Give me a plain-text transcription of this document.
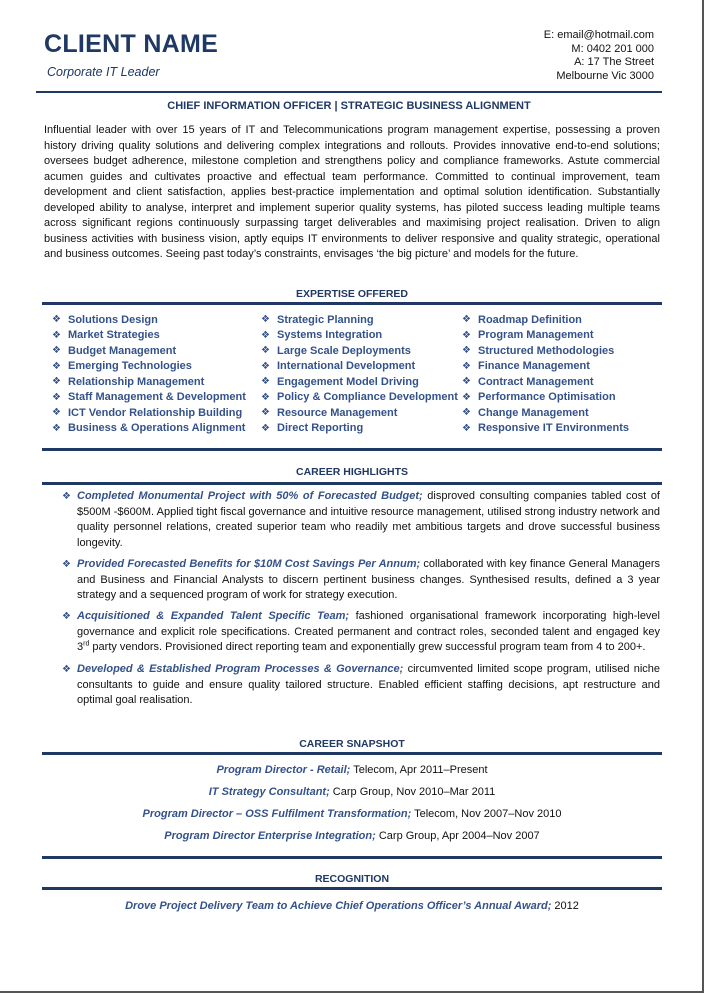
CLIENT NAME
Corporate IT Leader
E: email@hotmail.com
M: 0402 201 000
A: 17 The Street
Melbourne Vic 3000
CHIEF INFORMATION OFFICER | STRATEGIC BUSINESS ALIGNMENT
Influential leader with over 15 years of IT and Telecommunications program management expertise, possessing a proven history driving quality solutions and delivering complex integrations and rollouts. Provides innovative end-to-end solutions; oversees budget adherence, milestone completion and strengthens policy and compliance frameworks. Astute commercial acumen guides and cultivates proactive and effectual team performance. Committed to continual improvement, team development and client satisfaction, applies best-practice implementation and optimal solution identification. Substantially developed ability to analyse, interpret and implement superior quality systems, has piloted success leading multiple teams across significant regions continuously surpassing target deliverables and maximising project realisation. Driven to align business activities with business vision, aptly equips IT environments to deliver responsive and quality strategic, operational and business outcomes. Seeing past today’s constraints, envisages ‘the big picture’ and models for the future.
EXPERTISE OFFERED
❖ Solutions Design
❖ Market Strategies
❖ Budget Management
❖ Emerging Technologies
❖ Relationship Management
❖ Staff Management & Development
❖ ICT Vendor Relationship Building
❖ Business & Operations Alignment
❖ Strategic Planning
❖ Systems Integration
❖ Large Scale Deployments
❖ International Development
❖ Engagement Model Driving
❖ Policy & Compliance Development
❖ Resource Management
❖ Direct Reporting
❖ Roadmap Definition
❖ Program Management
❖ Structured Methodologies
❖ Finance Management
❖ Contract Management
❖ Performance Optimisation
❖ Change Management
❖ Responsive IT Environments
CAREER HIGHLIGHTS
❖ Completed Monumental Project with 50% of Forecasted Budget; disproved consulting companies tabled cost of $500M -$600M. Applied tight fiscal governance and intuitive resource management, utilised strong industry network and quality personnel relations, created superior team who readily met ambitious targets and drove successful business longevity.
❖ Provided Forecasted Benefits for $10M Cost Savings Per Annum; collaborated with key finance General Managers and Business and Financial Analysts to discern pertinent business changes. Synthesised results, defined a 3 year strategy and a sequenced program of work for strategy execution.
❖ Acquisitioned & Expanded Talent Specific Team; fashioned organisational framework incorporating high-level governance and explicit role specifications. Created permanent and contract roles, seconded talent and engaged key 3rd party vendors. Provisioned direct reporting team and exponentially grew successful program team from 4 to 200+.
❖ Developed & Established Program Processes & Governance; circumvented limited scope program, utilised niche consultants to guide and ensure quality tailored structure. Enabled efficient staffing decisions, apt restructure and optimal goal realisation.
CAREER SNAPSHOT
Program Director - Retail; Telecom, Apr 2011–Present
IT Strategy Consultant; Carp Group, Nov 2010–Mar 2011
Program Director – OSS Fulfilment Transformation; Telecom, Nov 2007–Nov 2010
Program Director Enterprise Integration; Carp Group, Apr 2004–Nov 2007
RECOGNITION
Drove Project Delivery Team to Achieve Chief Operations Officer’s Annual Award; 2012
